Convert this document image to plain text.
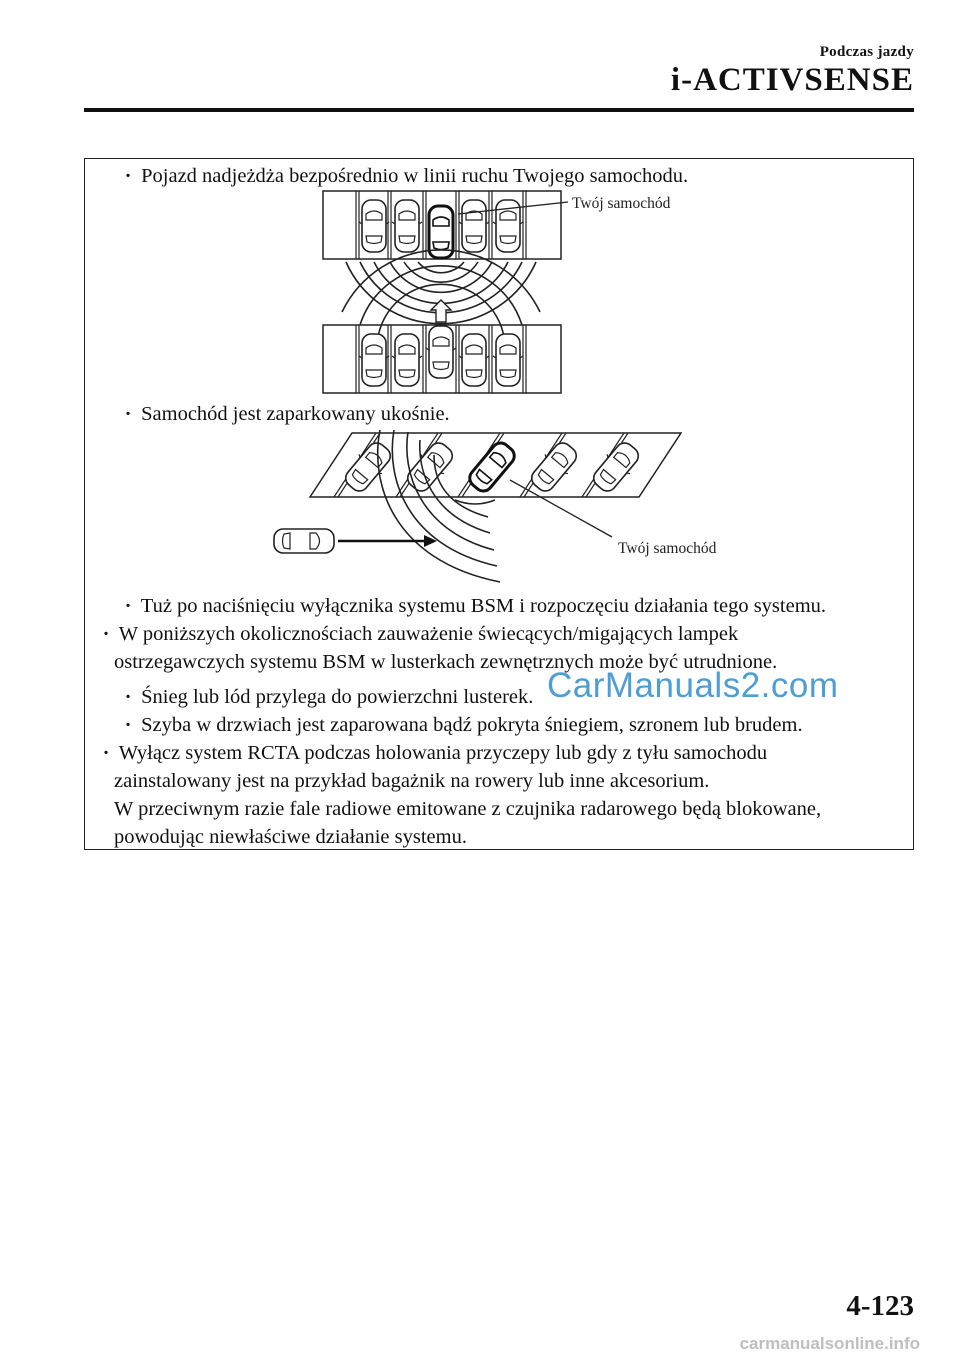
Podczas jazdy
i-ACTIVSENSE
· Pojazd nadjeżdża bezpośrednio w linii ruchu Twojego samochodu.
Twój samochód
Twój samochód
· Samochód jest zaparkowany ukośnie.
· Tuż po naciśnięciu wyłącznika systemu BSM i rozpoczęciu działania tego systemu.
· W poniższych okolicznościach zauważenie świecących/migających lampek
ostrzegawczych systemu BSM w lusterkach zewnętrznych może być utrudnione.
· Śnieg lub lód przylega do powierzchni lusterek.
· Szyba w drzwiach jest zaparowana bądź pokryta śniegiem, szronem lub brudem.
· Wyłącz system RCTA podczas holowania przyczepy lub gdy z tyłu samochodu
zainstalowany jest na przykład bagażnik na rowery lub inne akcesorium.
W przeciwnym razie fale radiowe emitowane z czujnika radarowego będą blokowane,
powodując niewłaściwe działanie systemu.
CarManuals2.com
4-123
carmanualsonline.info
